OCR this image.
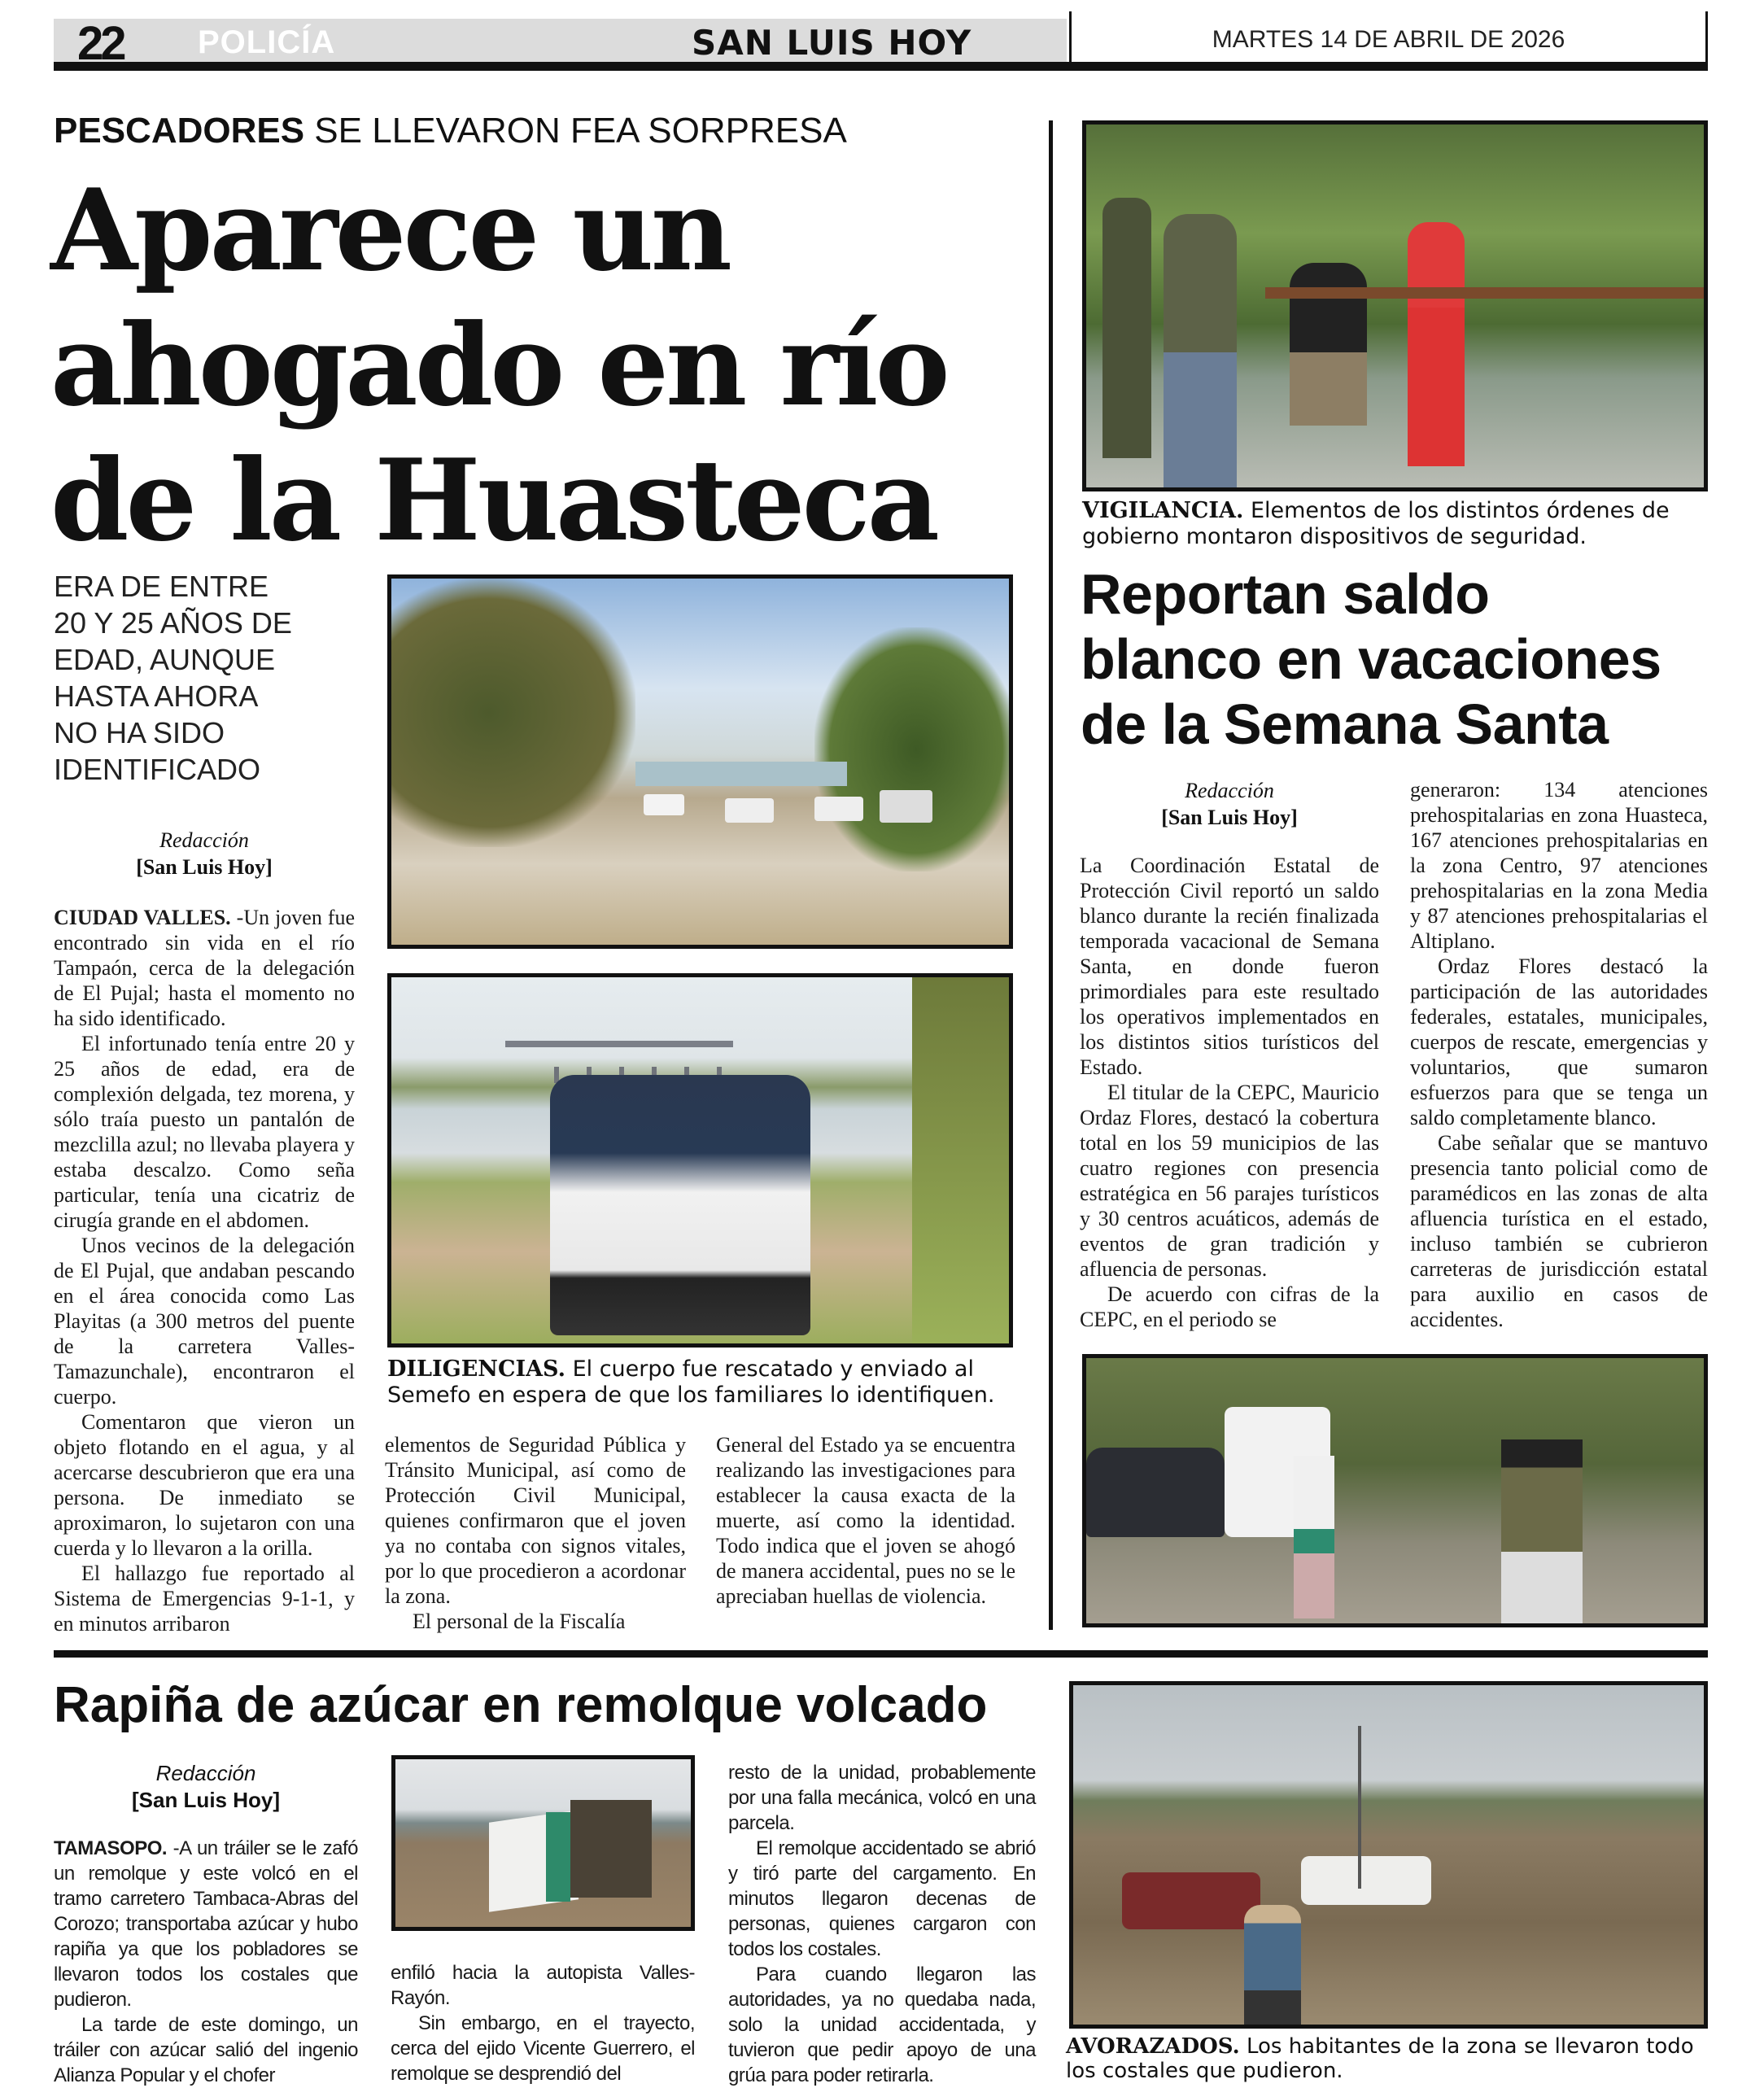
22 POLICÍA	SAN LUIS HOY	MARTES 14 DE ABRIL DE 2026
PESCADORES SE LLEVARON FEA SORPRESA
Aparece un
ahogado en río
de la Huasteca
ERA DE ENTRE
20 Y 25 AÑOS DE
EDAD, AUNQUE
HASTA AHORA
NO HA SIDO
IDENTIFICADO
Redacción
[San Luis Hoy]
DILIGENCIAS. El cuerpo fue rescatado y enviado al Semefo en espera de que los familiares lo identifiquen.

CIUDAD VALLES. -Un joven fue encontrado sin vida en el río Tampaón, cerca de la delegación de El Pujal; hasta el momento no ha sido identificado.

El infortunado tenía entre 20 y 25 años de edad, era de complexión delgada, tez morena, y sólo traía puesto un pantalón de mezclilla azul; no llevaba playera y estaba descalzo. Como seña particular, tenía una cicatriz de cirugía grande en el abdomen.

Unos vecinos de la delegación de El Pujal, que andaban pescando en el área conocida como Las Playitas (a 300 metros del puente de la carretera Valles-Tamazunchale), encontraron el cuerpo.

Comentaron que vieron un objeto flotando en el agua, y al acercarse descubrieron que era una persona. De inmediato se aproximaron, lo sujetaron con una cuerda y lo llevaron a la orilla.

El hallazgo fue reportado al Sistema de Emergencias 9-1-1, y en minutos arribaron

elementos de Seguridad Pública y Tránsito Municipal, así como de Protección Civil Municipal, quienes confirmaron que el joven ya no contaba con signos vitales, por lo que procedieron a acordonar la zona.

El personal de la Fiscalía

General del Estado ya se encuentra realizando las investigaciones para establecer la causa exacta de la muerte, así como la identidad. Todo indica que el joven se ahogó de manera accidental, pues no se le apreciaban huellas de violencia.

VIGILANCIA. Elementos de los distintos órdenes de gobierno montaron dispositivos de seguridad.
Reportan saldo
blanco en vacaciones
de la Semana Santa
Redacción
[San Luis Hoy]

La Coordinación Estatal de Protección Civil reportó un saldo blanco durante la recién finalizada temporada vacacional de Semana Santa, en donde fueron primordiales para este resultado los operativos implementados en los distintos sitios turísticos del Estado.

El titular de la CEPC, Mauricio Ordaz Flores, destacó la cobertura total en los 59 municipios de las cuatro regiones con presencia estratégica en 56 parajes turísticos y 30 centros acuáticos, además de eventos de gran tradición y afluencia de personas.

De acuerdo con cifras de la CEPC, en el periodo se

generaron: 134 atenciones prehospitalarias en zona Huasteca, 167 atenciones prehospitalarias en la zona Centro, 97 atenciones prehospitalarias en la zona Media y 87 atenciones prehospitalarias el Altiplano.

Ordaz Flores destacó la participación de las autoridades federales, estatales, municipales, cuerpos de rescate, emergencias y voluntarios, que sumaron esfuerzos para que se tenga un saldo completamente blanco.

Cabe señalar que se mantuvo presencia tanto policial como de paramédicos en las zonas de alta afluencia turística en el estado, incluso también se cubrieron carreteras de jurisdicción estatal para auxilio en casos de accidentes.

Rapiña de azúcar en remolque volcado
Redacción
[San Luis Hoy]

TAMASOPO. -A un tráiler se le zafó un remolque y este volcó en el tramo carretero Tambaca-Abras del Corozo; transportaba azúcar y hubo rapiña ya que los pobladores se llevaron todos los costales que pudieron.

La tarde de este domingo, un tráiler con azúcar salió del ingenio Alianza Popular y el chofer

enfiló hacia la autopista Valles-Rayón.

Sin embargo, en el trayecto, cerca del ejido Vicente Guerrero, el remolque se desprendió del

resto de la unidad, probablemente por una falla mecánica, volcó en una parcela.

El remolque accidentado se abrió y tiró parte del cargamento. En minutos llegaron decenas de personas, quienes cargaron con todos los costales.

Para cuando llegaron las autoridades, ya no quedaba nada, solo la unidad accidentada, y tuvieron que pedir apoyo de una grúa para poder retirarla.

AVORAZADOS. Los habitantes de la zona se llevaron todo los costales que pudieron.
